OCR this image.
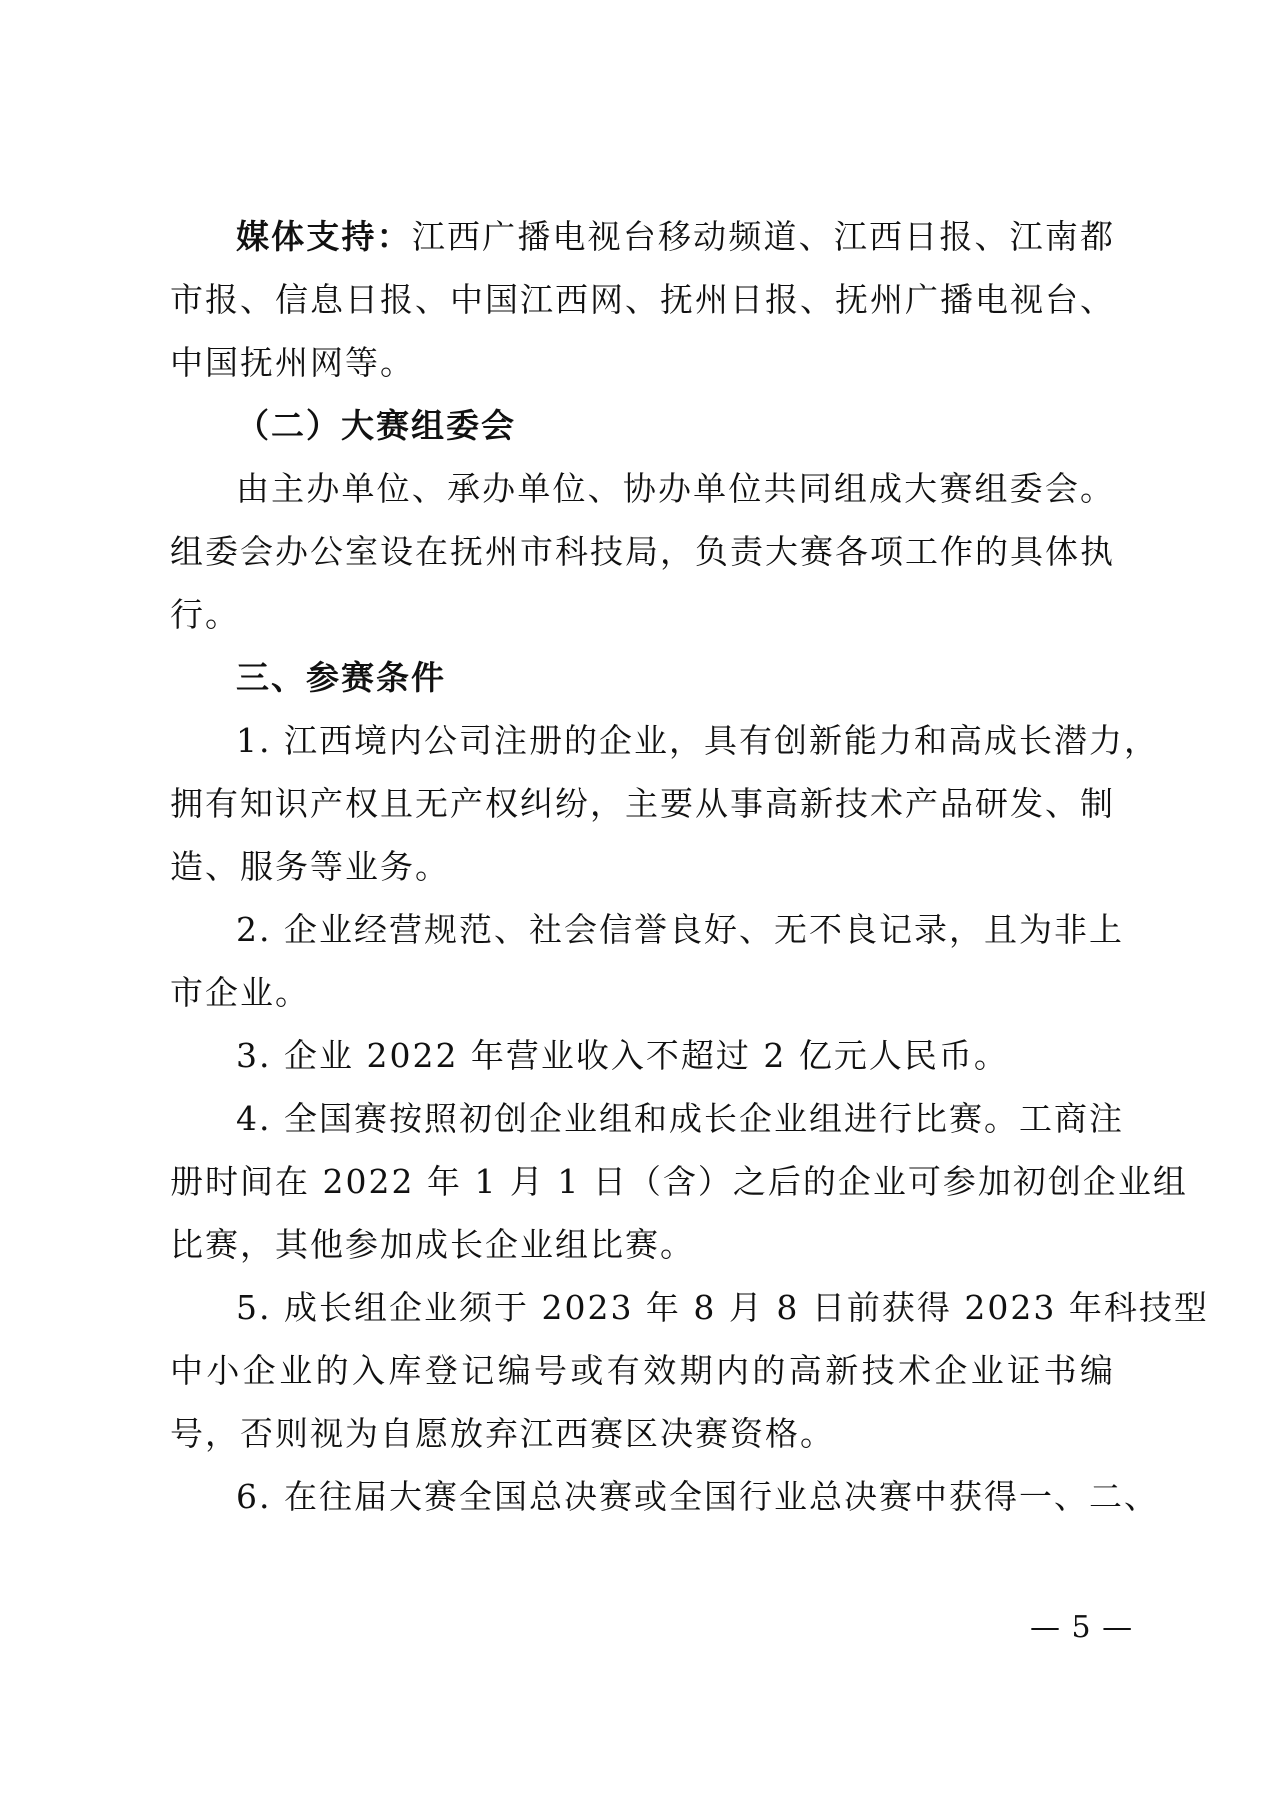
媒体支持：江西广播电视台移动频道、江西日报、江南都
市报、信息日报、中国江西网、抚州日报、抚州广播电视台、
中国抚州网等。
（二）大赛组委会
由主办单位、承办单位、协办单位共同组成大赛组委会。
组委会办公室设在抚州市科技局，负责大赛各项工作的具体执
行。
三、参赛条件
1. 江西境内公司注册的企业，具有创新能力和高成长潜力，
拥有知识产权且无产权纠纷，主要从事高新技术产品研发、制
造、服务等业务。
2. 企业经营规范、社会信誉良好、无不良记录，且为非上
市企业。
3. 企业 2022 年营业收入不超过 2 亿元人民币。
4. 全国赛按照初创企业组和成长企业组进行比赛。工商注
册时间在 2022 年 1 月 1 日（含）之后的企业可参加初创企业组
比赛，其他参加成长企业组比赛。
5. 成长组企业须于 2023 年 8 月 8 日前获得 2023 年科技型
中小企业的入库登记编号或有效期内的高新技术企业证书编
号，否则视为自愿放弃江西赛区决赛资格。
6. 在往届大赛全国总决赛或全国行业总决赛中获得一、二、
— 5 —
